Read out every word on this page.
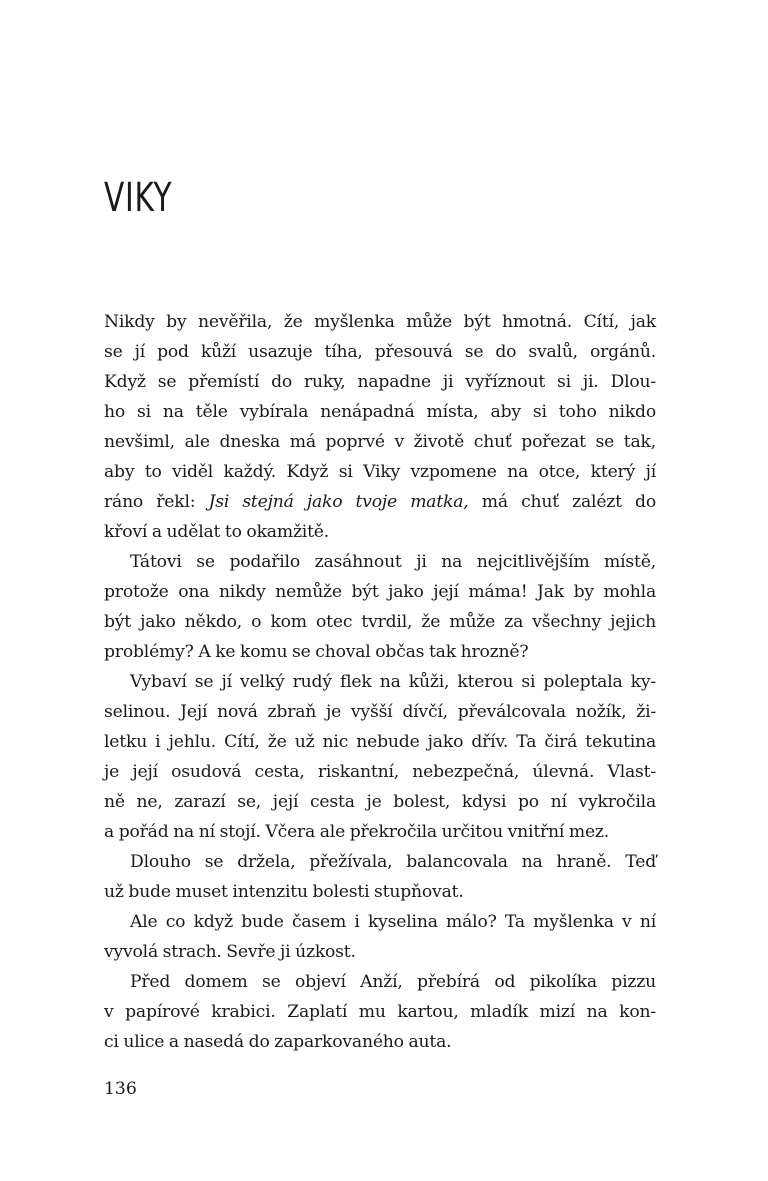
VIKY
Nikdy by nevěřila, že myšlenka může být hmotná. Cítí, jak
se jí pod kůží usazuje tíha, přesouvá se do svalů, orgánů.
Když se přemístí do ruky, napadne ji vyříznout si ji. Dlou-
ho si na těle vybírala nenápadná místa, aby si toho nikdo
nevšiml, ale dneska má poprvé v životě chuť pořezat se tak,
aby to viděl každý. Když si Viky vzpomene na otce, který jí
ráno řekl: Jsi stejná jako tvoje matka, má chuť zalézt do
křoví a udělat to okamžitě.
Tátovi se podařilo zasáhnout ji na nejcitlivějším místě,
protože ona nikdy nemůže být jako její máma! Jak by mohla
být jako někdo, o kom otec tvrdil, že může za všechny jejich
problémy? A ke komu se choval občas tak hrozně?
Vybaví se jí velký rudý flek na kůži, kterou si poleptala ky-
selinou. Její nová zbraň je vyšší dívčí, převálcovala nožík, ži-
letku i jehlu. Cítí, že už nic nebude jako dřív. Ta čirá tekutina
je její osudová cesta, riskantní, nebezpečná, úlevná. Vlast-
ně ne, zarazí se, její cesta je bolest, kdysi po ní vykročila
a pořád na ní stojí. Včera ale překročila určitou vnitřní mez.
Dlouho se držela, přežívala, balancovala na hraně. Teď
už bude muset intenzitu bolesti stupňovat.
Ale co když bude časem i kyselina málo? Ta myšlenka v ní
vyvolá strach. Sevře ji úzkost.
Před domem se objeví Anží, přebírá od pikolíka pizzu
v papírové krabici. Zaplatí mu kartou, mladík mizí na kon-
ci ulice a nasedá do zaparkovaného auta.
136
